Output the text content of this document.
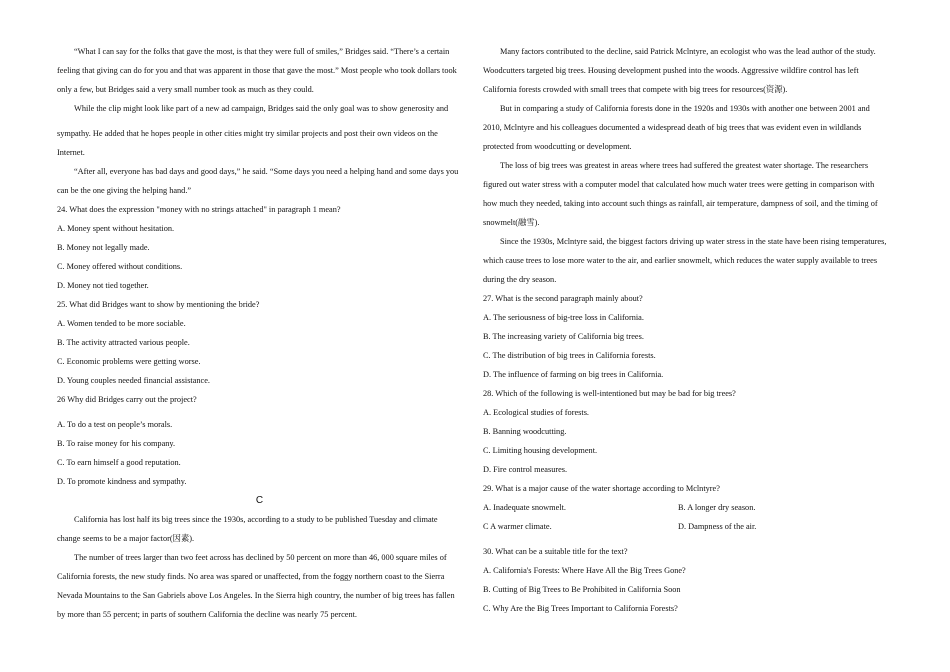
“What I can say for the folks that gave the most, is that they were full of smiles,” Bridges said. “There’s a certain
feeling that giving can do for you and that was apparent in those that gave the most.” Most people who took dollars took
only a few, but Bridges said a very small number took as much as they could.
While the clip might look like part of a new ad campaign, Bridges said the only goal was to show generosity and
sympathy. He added that he hopes people in other cities might try similar projects and post their own videos on the
Internet.
“After all, everyone has bad days and good days,” he said. “Some days you need a helping hand and some days you
can be the one giving the helping hand.”
24. What does the expression "money with no strings attached" in paragraph 1 mean?
A. Money spent without hesitation.
B. Money not legally made.
C. Money offered without conditions.
D. Money not tied together.
25. What did Bridges want to show by mentioning the bride?
A. Women tended to be more sociable.
B. The activity attracted various people.
C. Economic problems were getting worse.
D. Young couples needed financial assistance.
26 Why did Bridges carry out the project?
A. To do a test on people’s morals.
B. To raise money for his company.
C. To earn himself a good reputation.
D. To promote kindness and sympathy.
C
California has lost half its big trees since the 1930s, according to a study to be published Tuesday and climate
change seems to be a major factor(因素).
The number of trees larger than two feet across has declined by 50 percent on more than 46, 000 square miles of
California forests, the new study finds. No area was spared or unaffected, from the foggy northern coast to the Sierra
Nevada Mountains to the San Gabriels above Los Angeles. In the Sierra high country, the number of big trees has fallen
by more than 55 percent; in parts of southern California the decline was nearly 75 percent.
Many factors contributed to the decline, said Patrick Mclntyre, an ecologist who was the lead author of the study.
Woodcutters targeted big trees. Housing development pushed into the woods. Aggressive wildfire control has left
California forests crowded with small trees that compete with big trees for resources(资源).
But in comparing a study of California forests done in the 1920s and 1930s with another one between 2001 and
2010, Mclntyre and his colleagues documented a widespread death of big trees that was evident even in wildlands
protected from woodcutting or development.
The loss of big trees was greatest in areas where trees had suffered the greatest water shortage. The researchers
figured out water stress with a computer model that calculated how much water trees were getting in comparison with
how much they needed, taking into account such things as rainfall, air temperature, dampness of soil, and the timing of
snowmelt(融雪).
Since the 1930s, Mclntyre said, the biggest factors driving up water stress in the state have been rising temperatures,
which cause trees to lose more water to the air, and earlier snowmelt, which reduces the water supply available to trees
during the dry season.
27. What is the second paragraph mainly about?
A. The seriousness of big-tree loss in California.
B. The increasing variety of California big trees.
C. The distribution of big trees in California forests.
D. The influence of farming on big trees in California.
28. Which of the following is well-intentioned but may be bad for big trees?
A. Ecological studies of forests.
B. Banning woodcutting.
C. Limiting housing development.
D. Fire control measures.
29. What is a major cause of the water shortage according to Mclntyre?
A. Inadequate snowmelt.	B. A longer dry season.
C A warmer climate.	D. Dampness of the air.
30. What can be a suitable title for the text?
A. California's Forests: Where Have All the Big Trees Gone?
B. Cutting of Big Trees to Be Prohibited in California Soon
C. Why Are the Big Trees Important to California Forests?
